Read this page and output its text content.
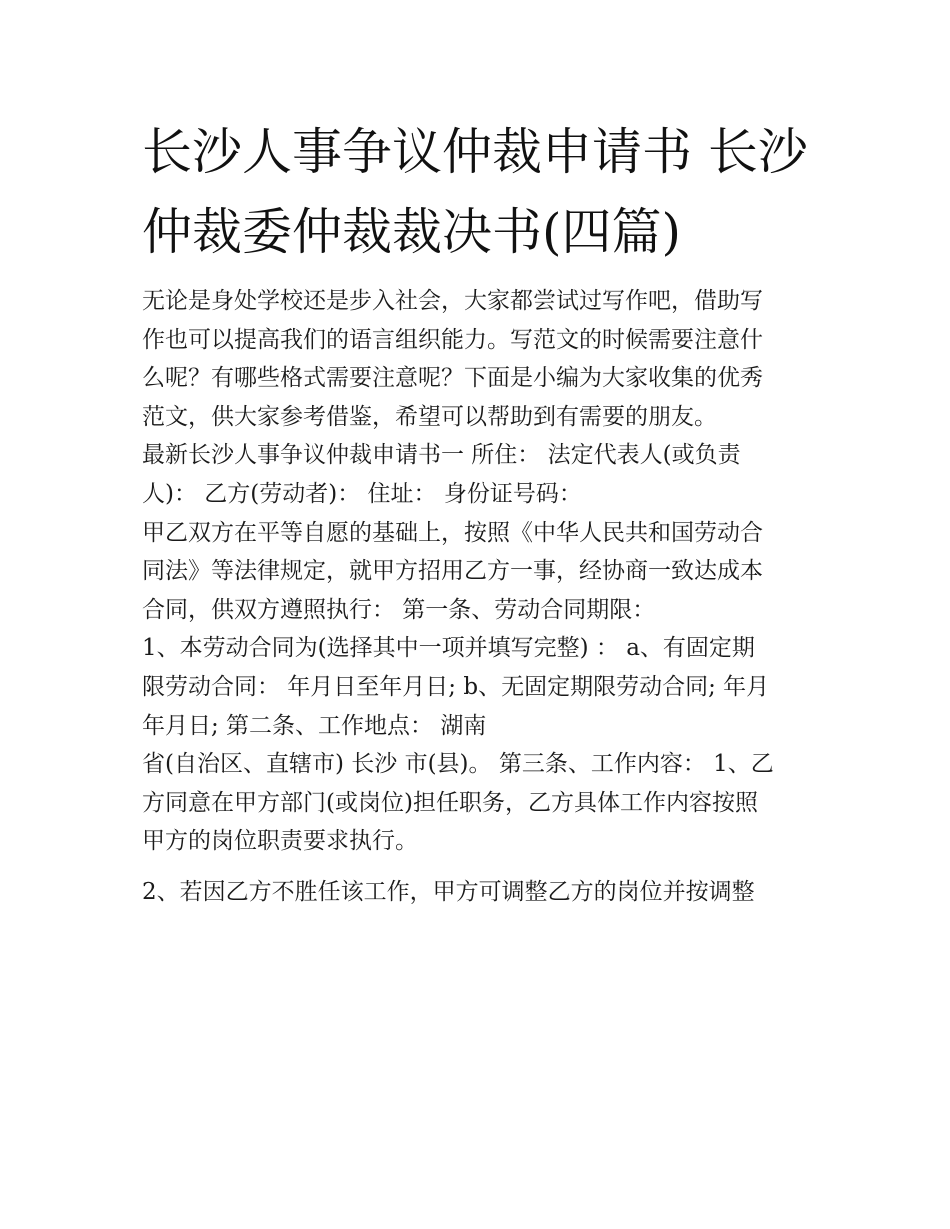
长沙人事争议仲裁申请书 长沙
仲裁委仲裁裁决书(四篇)
无论是身处学校还是步入社会，大家都尝试过写作吧，借助写
作也可以提高我们的语言组织能力。写范文的时候需要注意什
么呢？有哪些格式需要注意呢？下面是小编为大家收集的优秀
范文，供大家参考借鉴，希望可以帮助到有需要的朋友。
最新长沙人事争议仲裁申请书一 所住： 法定代表人(或负责
人)： 乙方(劳动者)： 住址： 身份证号码：
甲乙双方在平等自愿的基础上，按照《中华人民共和国劳动合
同法》等法律规定，就甲方招用乙方一事，经协商一致达成本
合同，供双方遵照执行： 第一条、劳动合同期限：
1、本劳动合同为(选择其中一项并填写完整) ： a、有固定期
限劳动合同： 年月日至年月日; b、无固定期限劳动合同; 年月
年月日; 第二条、工作地点： 湖南
省(自治区、直辖市) 长沙 市(县)。 第三条、工作内容： 1、乙
方同意在甲方部门(或岗位)担任职务，乙方具体工作内容按照
甲方的岗位职责要求执行。
2、若因乙方不胜任该工作，甲方可调整乙方的岗位并按调整
